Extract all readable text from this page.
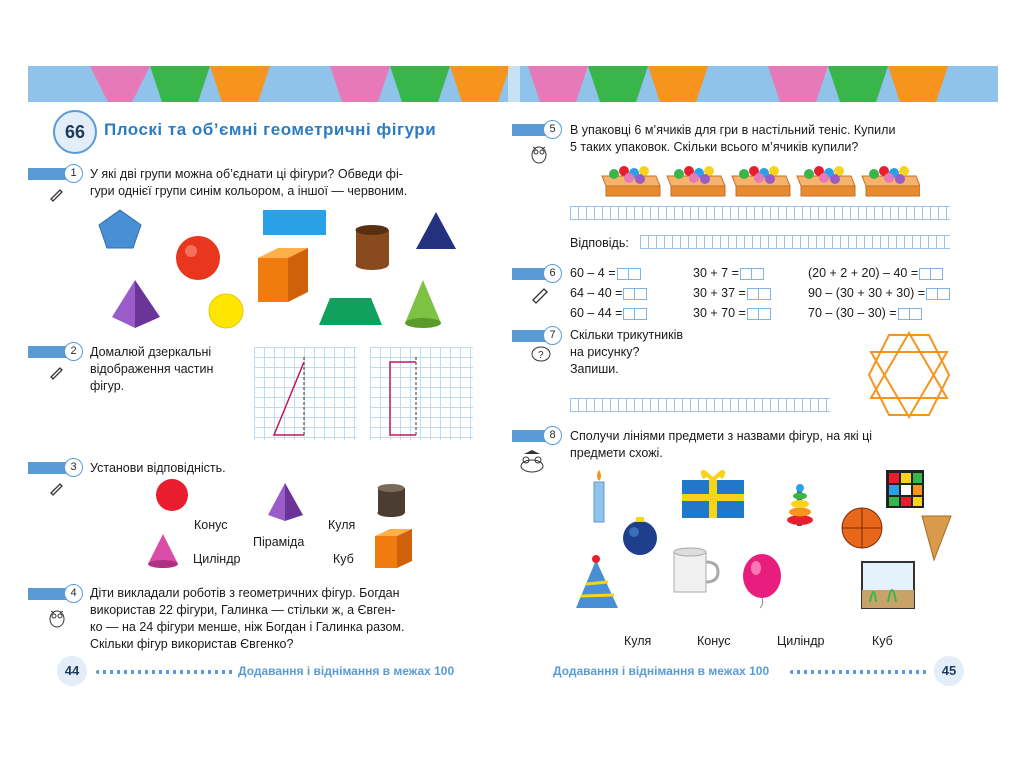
66	Плоскі та об’ємні геометричні фігури
1	У які дві групи можна об’єднати ці фігури? Обведи фі-
гури однієї групи синім кольором, а іншої — червоним.
2	Домалюй дзеркальні
відображення частин
фігур.
3	Установи відповідність.
Конус	Куля
Піраміда
Циліндр	Куб
4	Діти викладали роботів з геометричних фігур. Богдан
використав 22 фігури, Галинка — стільки ж, а Євген-
ко — на 24 фігури менше, ніж Богдан і Галинка разом.
Скільки фігур використав Євгенко?
44	Додавання і віднімання в межах 100
5	В упаковці 6 м’ячиків для гри в настільний теніс. Купили
5 таких упаковок. Скільки всього м’ячиків купили?
Відповідь:
6	60 – 4 =	30 + 7 =	(20 + 2 + 20) – 40 =
64 – 40 =	30 + 37 =	90 – (30 + 30 + 30) =
60 – 44 =	30 + 70 =	70 – (30 – 30) =
7
?
Скільки трикутників
на рисунку?
Запиши.
8	Сполучи лініями предмети з назвами фігур, на які ці
предмети схожі.
Куля	Конус	Циліндр	Куб
Додавання і віднімання в межах 100	45
